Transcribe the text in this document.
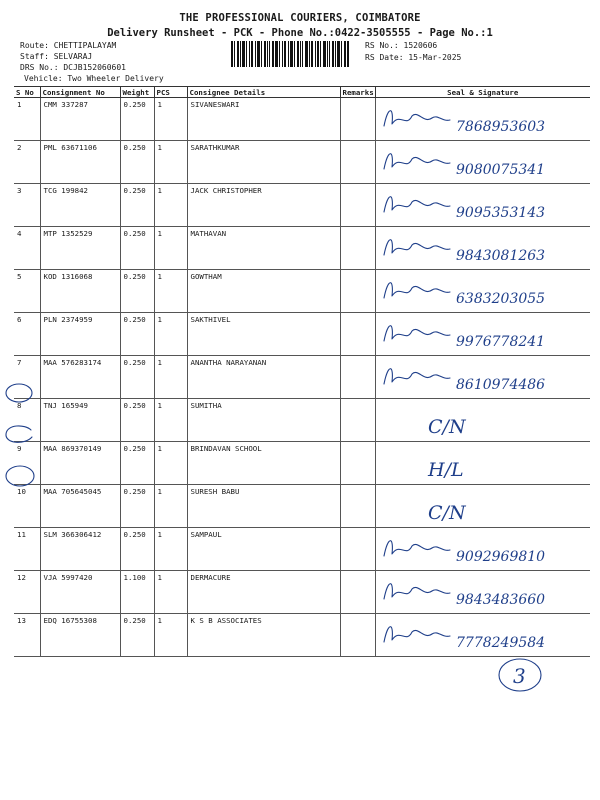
THE PROFESSIONAL COURIERS, COIMBATORE
Delivery Runsheet - PCK - Phone No.:0422-3505555 - Page No.:1
Route: CHETTIPALAYAM
Staff: SELVARAJ
DRS No.: DCJB152060601
Vehicle: Two Wheeler Delivery
RS No.: 1520606
RS Date: 15-Mar-2025
S No	Consignment No	Weight	PCS	Consignee Details	Remarks	Seal & Signature
1	CMM 337287	0.250	1	SIVANESWARI		7868953603

2	PML 63671106	0.250	1	SARATHKUMAR		9080075341

3	TCG 199842	0.250	1	JACK CHRISTOPHER		9095353143

4	MTP 1352529	0.250	1	MATHAVAN		9843081263

5	KOD 1316068	0.250	1	GOWTHAM		6383203055

6	PLN 2374959	0.250	1	SAKTHIVEL		9976778241

7	MAA 576283174	0.250	1	ANANTHA NARAYANAN		8610974486

8	TNJ 165949	0.250	1	SUMITHA		C/N

9	MAA 869370149	0.250	1	BRINDAVAN SCHOOL		H/L

10	MAA 705645045	0.250	1	SURESH BABU		C/N

11	SLM 366306412	0.250	1	SAMPAUL		9092969810

12	VJA 5997420	1.100	1	DERMACURE		9843483660

13	EDQ 16755308	0.250	1	K S B ASSOCIATES		7778249584
3
